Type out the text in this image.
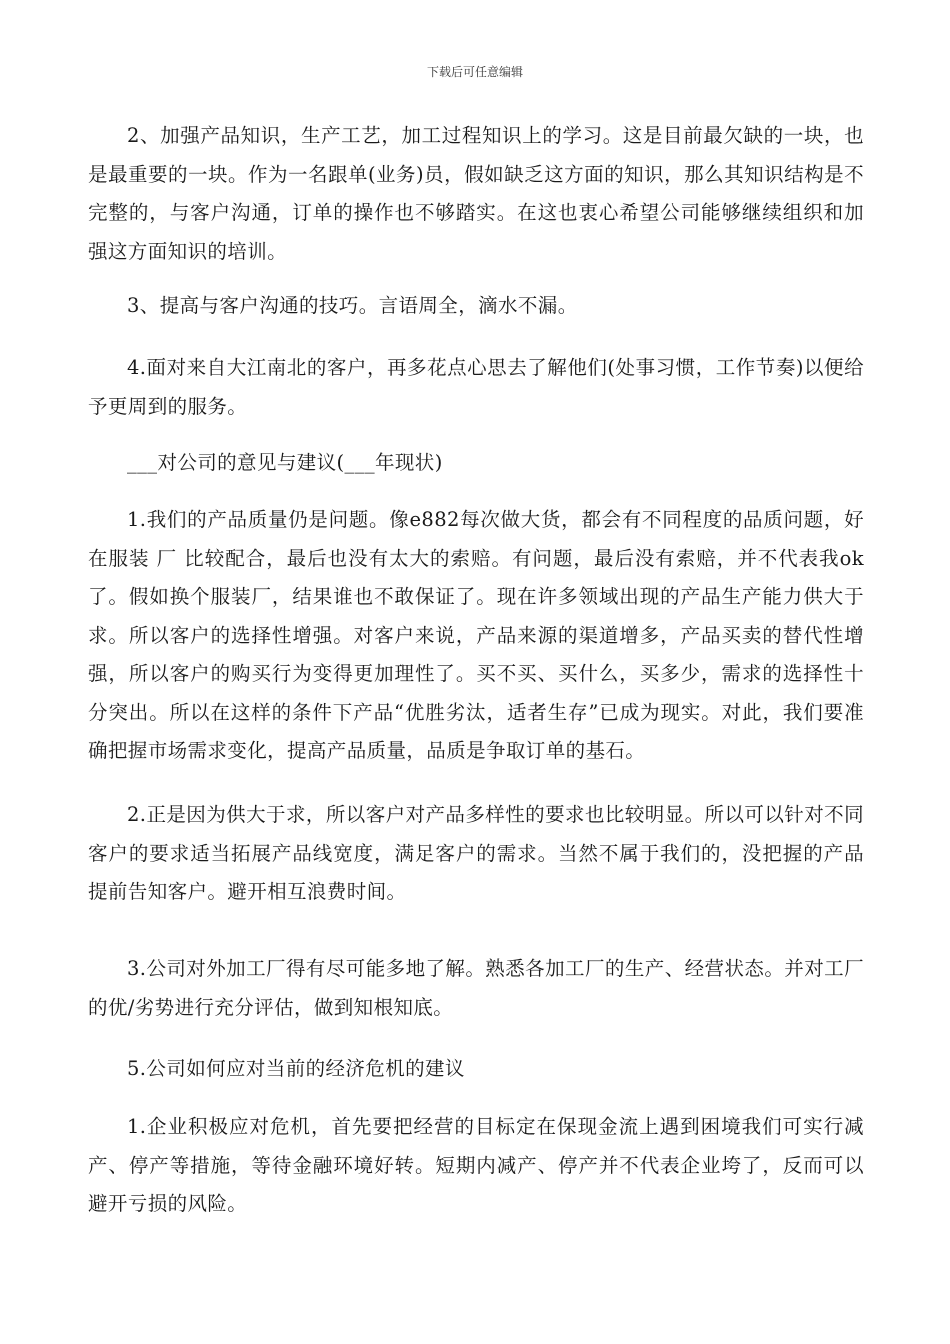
下载后可任意编辑

2、加强产品知识，生产工艺，加工过程知识上的学习。这是目前最欠缺的一块，也是最重要的一块。作为一名跟单(业务)员，假如缺乏这方面的知识，那么其知识结构是不完整的，与客户沟通，订单的操作也不够踏实。在这也衷心希望公司能够继续组织和加强这方面知识的培训。

3、提高与客户沟通的技巧。言语周全，滴水不漏。

4.面对来自大江南北的客户，再多花点心思去了解他们(处事习惯，工作节奏)以便给予更周到的服务。

___对公司的意见与建议(___年现状)

1.我们的产品质量仍是问题。像e882每次做大货，都会有不同程度的品质问题，好在服装 厂 比较配合，最后也没有太大的索赔。有问题，最后没有索赔，并不代表我ok了。假如换个服装厂，结果谁也不敢保证了。现在许多领域出现的产品生产能力供大于求。所以客户的选择性增强。对客户来说，产品来源的渠道增多，产品买卖的替代性增强，所以客户的购买行为变得更加理性了。买不买、买什么，买多少，需求的选择性十分突出。所以在这样的条件下产品“优胜劣汰，适者生存”已成为现实。对此，我们要准确把握市场需求变化，提高产品质量，品质是争取订单的基石。

2.正是因为供大于求，所以客户对产品多样性的要求也比较明显。所以可以针对不同客户的要求适当拓展产品线宽度，满足客户的需求。当然不属于我们的，没把握的产品提前告知客户。避开相互浪费时间。

3.公司对外加工厂得有尽可能多地了解。熟悉各加工厂的生产、经营状态。并对工厂的优/劣势进行充分评估，做到知根知底。

5.公司如何应对当前的经济危机的建议

1.企业积极应对危机，首先要把经营的目标定在保现金流上遇到困境我们可实行减产、停产等措施，等待金融环境好转。短期内减产、停产并不代表企业垮了，反而可以避开亏损的风险。
